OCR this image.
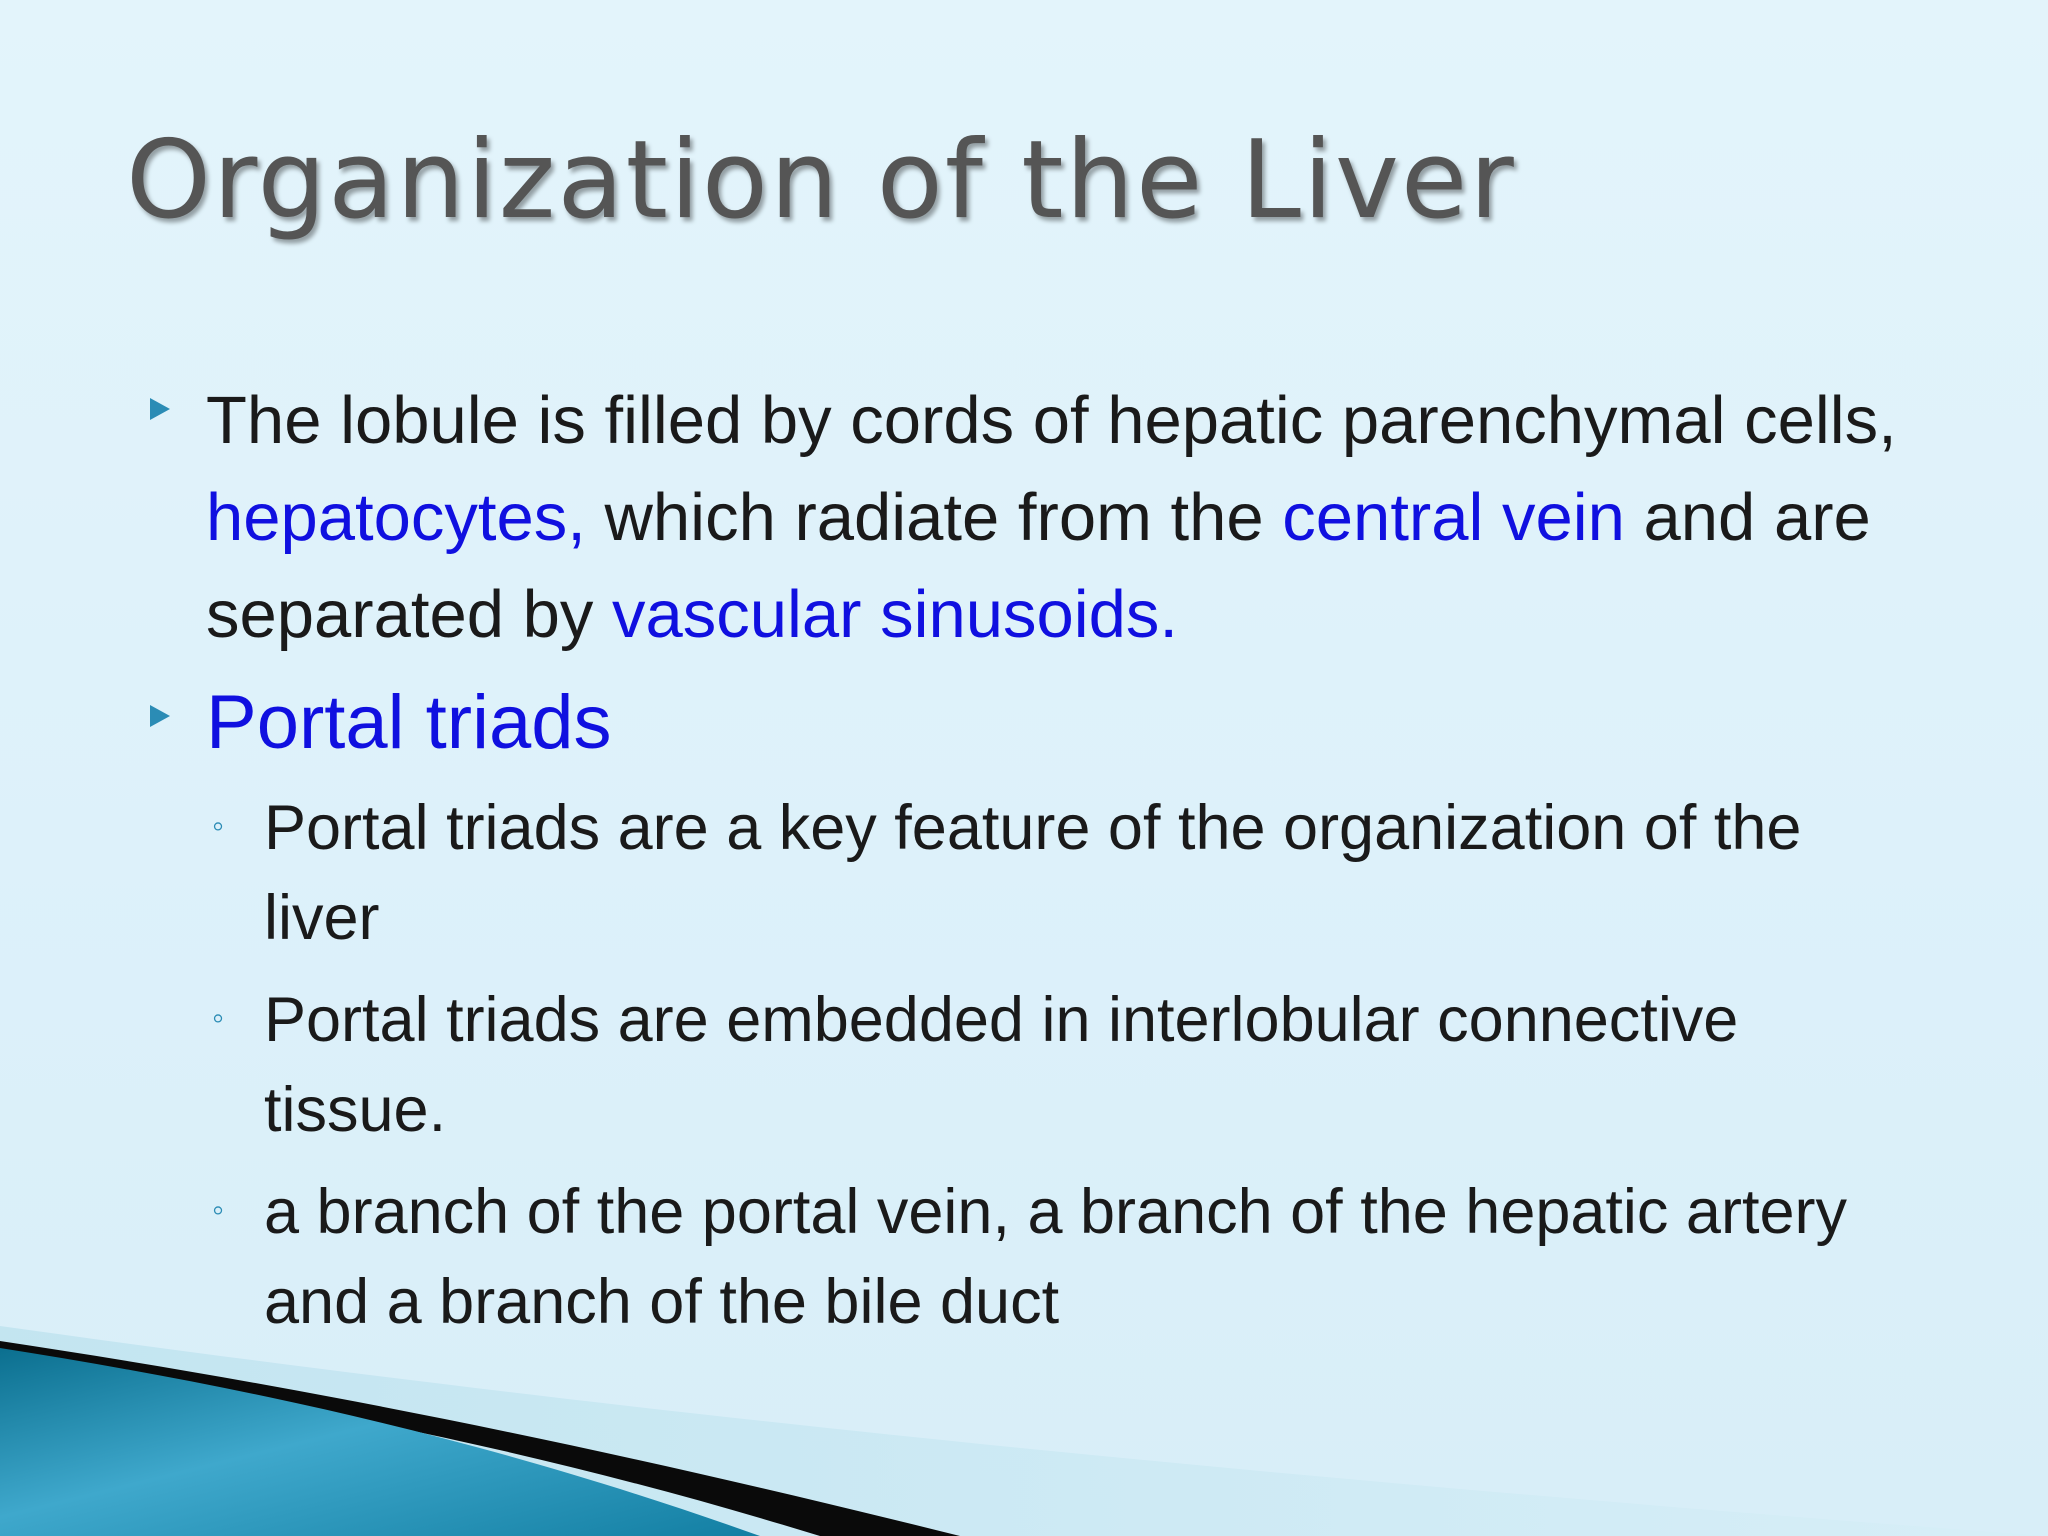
Organization of the Liver

The lobule is filled by cords of hepatic parenchymal cells, hepatocytes, which radiate from the central vein and are separated by vascular sinusoids.

Portal triads

◦ Portal triads are a key feature of the organization of the liver

◦ Portal triads are embedded in interlobular connective tissue.

◦ a branch of the portal vein, a branch of the hepatic artery and a branch of the bile duct
